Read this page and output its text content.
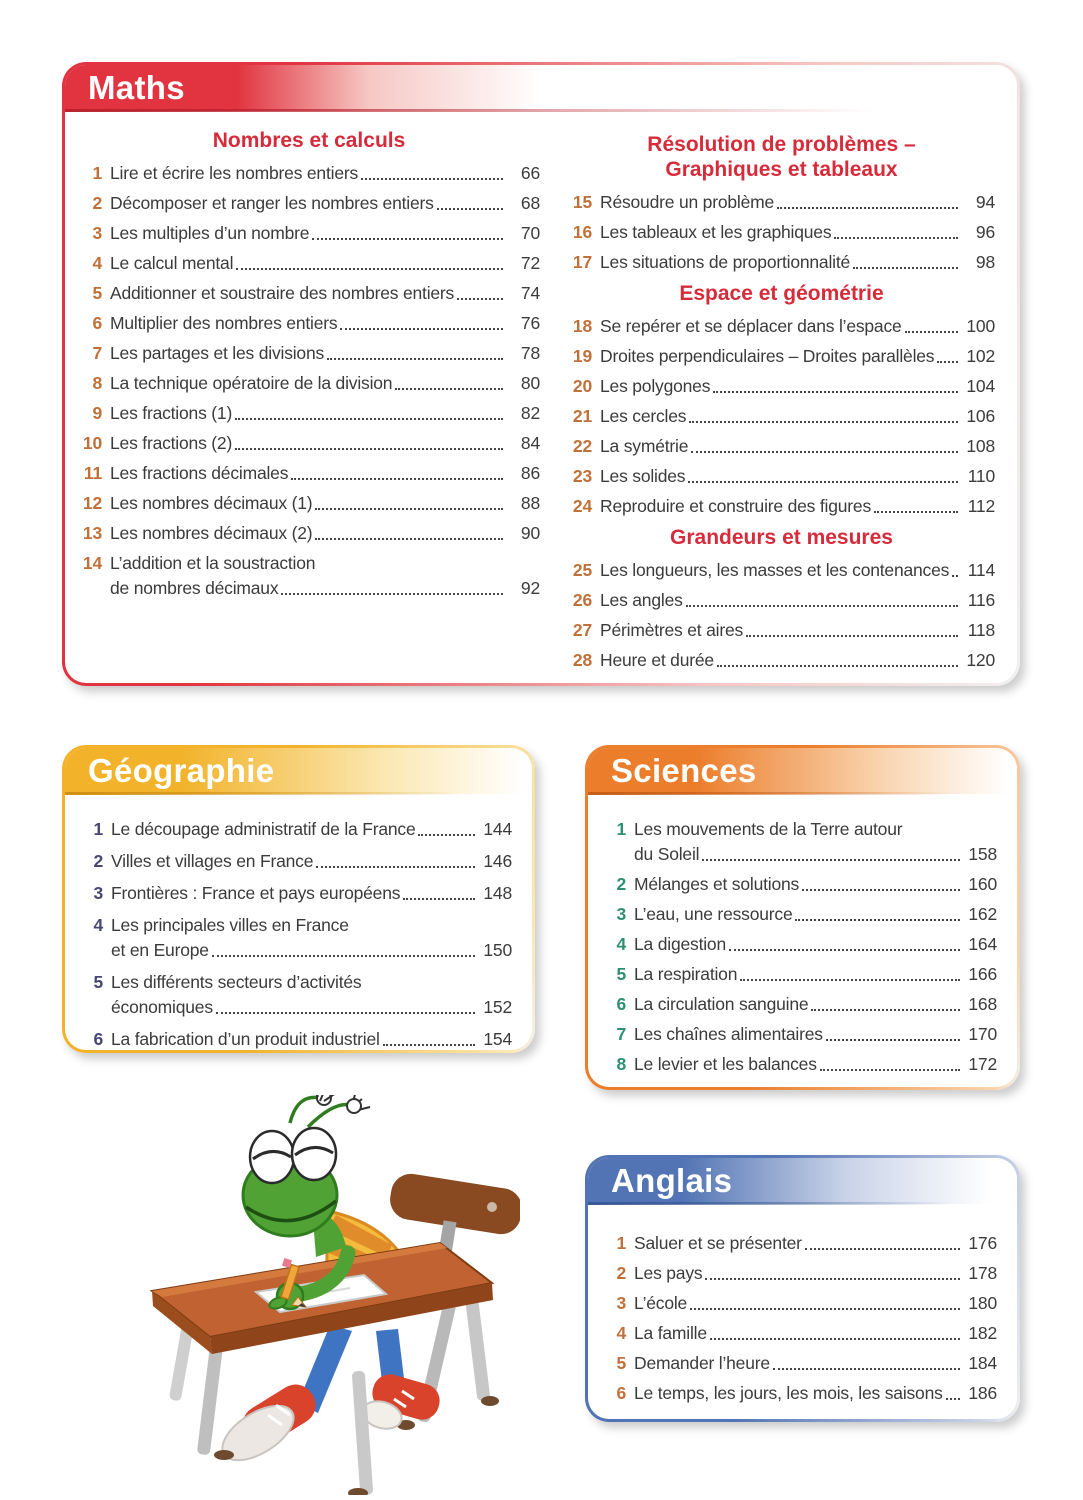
Maths
Nombres et calculs
1 Lire et écrire les nombres entiers	66
2 Décomposer et ranger les nombres entiers	68
3 Les multiples d’un nombre	70
4 Le calcul mental	72
5 Additionner et soustraire des nombres entiers	74
6 Multiplier des nombres entiers	76
7 Les partages et les divisions	78
8 La technique opératoire de la division	80
9 Les fractions (1)	82
10 Les fractions (2)	84
11 Les fractions décimales	86
12 Les nombres décimaux (1)	88
13 Les nombres décimaux (2)	90
14 L’addition et la soustraction
de nombres décimaux	92
Résolution de problèmes –
Graphiques et tableaux
15 Résoudre un problème	94
16 Les tableaux et les graphiques	96
17 Les situations de proportionnalité	98
Espace et géométrie
18 Se repérer et se déplacer dans l’espace	100
19 Droites perpendiculaires – Droites parallèles	102
20 Les polygones	104
21 Les cercles	106
22 La symétrie	108
23 Les solides	110
24 Reproduire et construire des figures	112
Grandeurs et mesures
25 Les longueurs, les masses et les contenances	114
26 Les angles	116
27 Périmètres et aires	118
28 Heure et durée	120
Géographie
1 Le découpage administratif de la France	144
2 Villes et villages en France	146
3 Frontières : France et pays européens	148
4 Les principales villes en France
et en Europe	150
5 Les différents secteurs d’activités
économiques	152
6 La fabrication d’un produit industriel	154
Sciences
1 Les mouvements de la Terre autour
du Soleil	158
2 Mélanges et solutions	160
3 L’eau, une ressource	162
4 La digestion	164
5 La respiration	166
6 La circulation sanguine	168
7 Les chaînes alimentaires	170
8 Le levier et les balances	172
Anglais
1 Saluer et se présenter	176
2 Les pays	178
3 L’école	180
4 La famille	182
5 Demander l’heure	184
6 Le temps, les jours, les mois, les saisons	186
